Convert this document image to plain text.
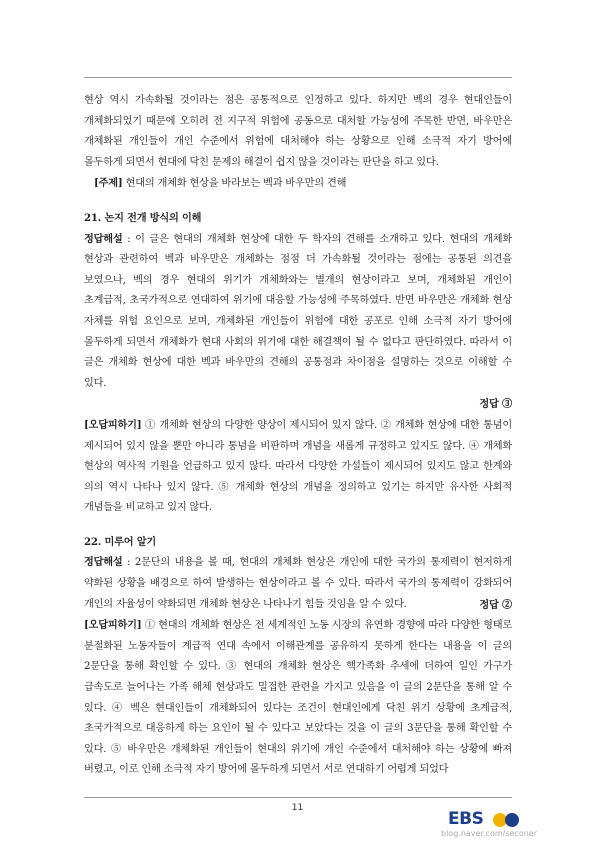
현상 역시 가속화될 것이라는 점은 공통적으로 인정하고 있다. 하지만 벡의 경우 현대인들이 개체화되었기 때문에 오히려 전 지구적 위험에 공동으로 대처할 가능성에 주목한 반면, 바우만은 개체화된 개인들이 개인 수준에서 위험에 대처해야 하는 상황으로 인해 소극적 자기 방어에 몰두하게 되면서 현대에 닥친 문제의 해결이 쉽지 않을 것이라는 판단을 하고 있다.

[주제] 현대의 개체화 현상을 바라보는 벡과 바우만의 견해

21. 논지 전개 방식의 이해

정답해설 : 이 글은 현대의 개체화 현상에 대한 두 학자의 견해를 소개하고 있다. 현대의 개체화 현상과 관련하여 벡과 바우만은 개체화는 점점 더 가속화될 것이라는 점에는 공통된 의견을 보였으나, 벡의 경우 현대의 위기가 개체화와는 별개의 현상이라고 보며, 개체화된 개인이 초계급적, 초국가적으로 연대하여 위기에 대응할 가능성에 주목하였다. 반면 바우만은 개체화 현상 자체를 위험 요인으로 보며, 개체화된 개인들이 위험에 대한 공포로 인해 소극적 자기 방어에 몰두하게 되면서 개체화가 현대 사회의 위기에 대한 해결책이 될 수 없다고 판단하였다. 따라서 이 글은 개체화 현상에 대한 벡과 바우만의 견해의 공통점과 차이점을 설명하는 것으로 이해할 수 있다.

정답 ③

[오답피하기] ① 개체화 현상의 다양한 양상이 제시되어 있지 않다. ② 개체화 현상에 대한 통념이 제시되어 있지 않을 뿐만 아니라 통념을 비판하며 개념을 새롭게 규정하고 있지도 않다. ④ 개체화 현상의 역사적 기원을 언급하고 있지 않다. 따라서 다양한 가설들이 제시되어 있지도 않고 한계와 의의 역시 나타나 있지 않다. ⑤ 개체화 현상의 개념을 정의하고 있기는 하지만 유사한 사회적 개념들을 비교하고 있지 않다.

22. 미루어 알기

정답해설 : 2문단의 내용을 볼 때, 현대의 개체화 현상은 개인에 대한 국가의 통제력이 현저하게 약화된 상황을 배경으로 하여 발생하는 현상이라고 볼 수 있다. 따라서 국가의 통제력이 강화되어 개인의 자율성이 약화되면 개체화 현상은 나타나기 힘들 것임을 알 수 있다.	정답 ②

[오답피하기] ① 현대의 개체화 현상은 전 세계적인 노동 시장의 유연화 경향에 따라 다양한 형태로 분절화된 노동자들이 계급적 연대 속에서 이해관계를 공유하지 못하게 한다는 내용을 이 글의 2문단을 통해 확인할 수 있다. ③ 현대의 개체화 현상은 핵가족화 추세에 더하여 일인 가구가 급속도로 늘어나는 가족 해체 현상과도 밀접한 관련을 가지고 있음을 이 글의 2문단을 통해 알 수 있다. ④ 벡은 현대인들이 개체화되어 있다는 조건이 현대인에게 닥친 위기 상황에 초계급적, 초국가적으로 대응하게 하는 요인이 될 수 있다고 보았다는 것을 이 글의 3문단을 통해 확인할 수 있다. ⑤ 바우만은 개체화된 개인들이 현대의 위기에 개인 수준에서 대처해야 하는 상황에 빠져 버렸고, 이로 인해 소극적 자기 방어에 몰두하게 되면서 서로 연대하기 어렵게 되었다

11
EBS
blog.naver.com/seconer
